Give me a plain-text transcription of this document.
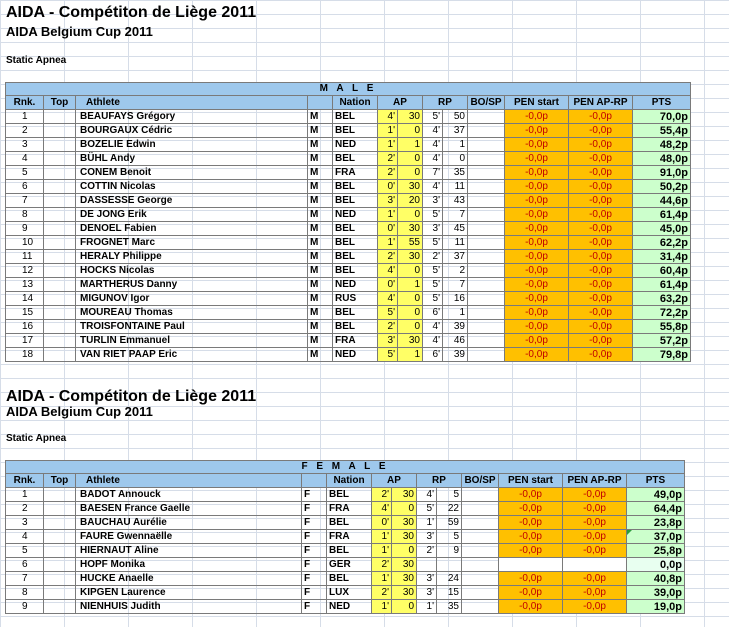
AIDA - Compétiton de Liège 2011
AIDA Belgium Cup 2011
Static Apnea
M A L E												
Rnk.	Top	Athlete		Nation	AP		RP		BO/SP	PEN start	PEN AP-RP	PTS
1		BEAUFAYS Grégory	M	BEL	4'	30	5'	50		-0,0p	-0,0p	70,0p
2		BOURGAUX Cédric	M	BEL	1'	0	4'	37		-0,0p	-0,0p	55,4p
3		BOZELIE Edwin	M	NED	1'	1	4'	1		-0,0p	-0,0p	48,2p
4		BÜHL Andy	M	BEL	2'	0	4'	0		-0,0p	-0,0p	48,0p
5		CONEM Benoit	M	FRA	2'	0	7'	35		-0,0p	-0,0p	91,0p
6		COTTIN Nicolas	M	BEL	0'	30	4'	11		-0,0p	-0,0p	50,2p
7		DASSESSE George	M	BEL	3'	20	3'	43		-0,0p	-0,0p	44,6p
8		DE JONG Erik	M	NED	1'	0	5'	7		-0,0p	-0,0p	61,4p
9		DENOEL Fabien	M	BEL	0'	30	3'	45		-0,0p	-0,0p	45,0p
10		FROGNET Marc	M	BEL	1'	55	5'	11		-0,0p	-0,0p	62,2p
11		HERALY Philippe	M	BEL	2'	30	2'	37		-0,0p	-0,0p	31,4p
12		HOCKS Nicolas	M	BEL	4'	0	5'	2		-0,0p	-0,0p	60,4p
13		MARTHERUS Danny	M	NED	0'	1	5'	7		-0,0p	-0,0p	61,4p
14		MIGUNOV Igor	M	RUS	4'	0	5'	16		-0,0p	-0,0p	63,2p
15		MOUREAU Thomas	M	BEL	5'	0	6'	1		-0,0p	-0,0p	72,2p
16		TROISFONTAINE Paul	M	BEL	2'	0	4'	39		-0,0p	-0,0p	55,8p
17		TURLIN Emmanuel	M	FRA	3'	30	4'	46		-0,0p	-0,0p	57,2p
18		VAN RIET PAAP Eric	M	NED	5'	1	6'	39		-0,0p	-0,0p	79,8p
AIDA - Compétiton de Liège 2011
AIDA Belgium Cup 2011
Static Apnea
F E M A L E												
Rnk.	Top	Athlete		Nation	AP		RP		BO/SP	PEN start	PEN AP-RP	PTS
1		BADOT Annouck	F	BEL	2'	30	4'	5		-0,0p	-0,0p	49,0p
2		BAESEN France Gaelle	F	FRA	4'	0	5'	22		-0,0p	-0,0p	64,4p
3		BAUCHAU Aurélie	F	BEL	0'	30	1'	59		-0,0p	-0,0p	23,8p
4		FAURE Gwennaëlle	F	FRA	1'	30	3'	5		-0,0p	-0,0p	37,0p
5		HIERNAUT Aline	F	BEL	1'	0	2'	9		-0,0p	-0,0p	25,8p
6		HOPF Monika	F	GER	2'	30						0,0p
7		HUCKE Anaelle	F	BEL	1'	30	3'	24		-0,0p	-0,0p	40,8p
8		KIPGEN Laurence	F	LUX	2'	30	3'	15		-0,0p	-0,0p	39,0p
9		NIENHUIS Judith	F	NED	1'	0	1'	35		-0,0p	-0,0p	19,0p
